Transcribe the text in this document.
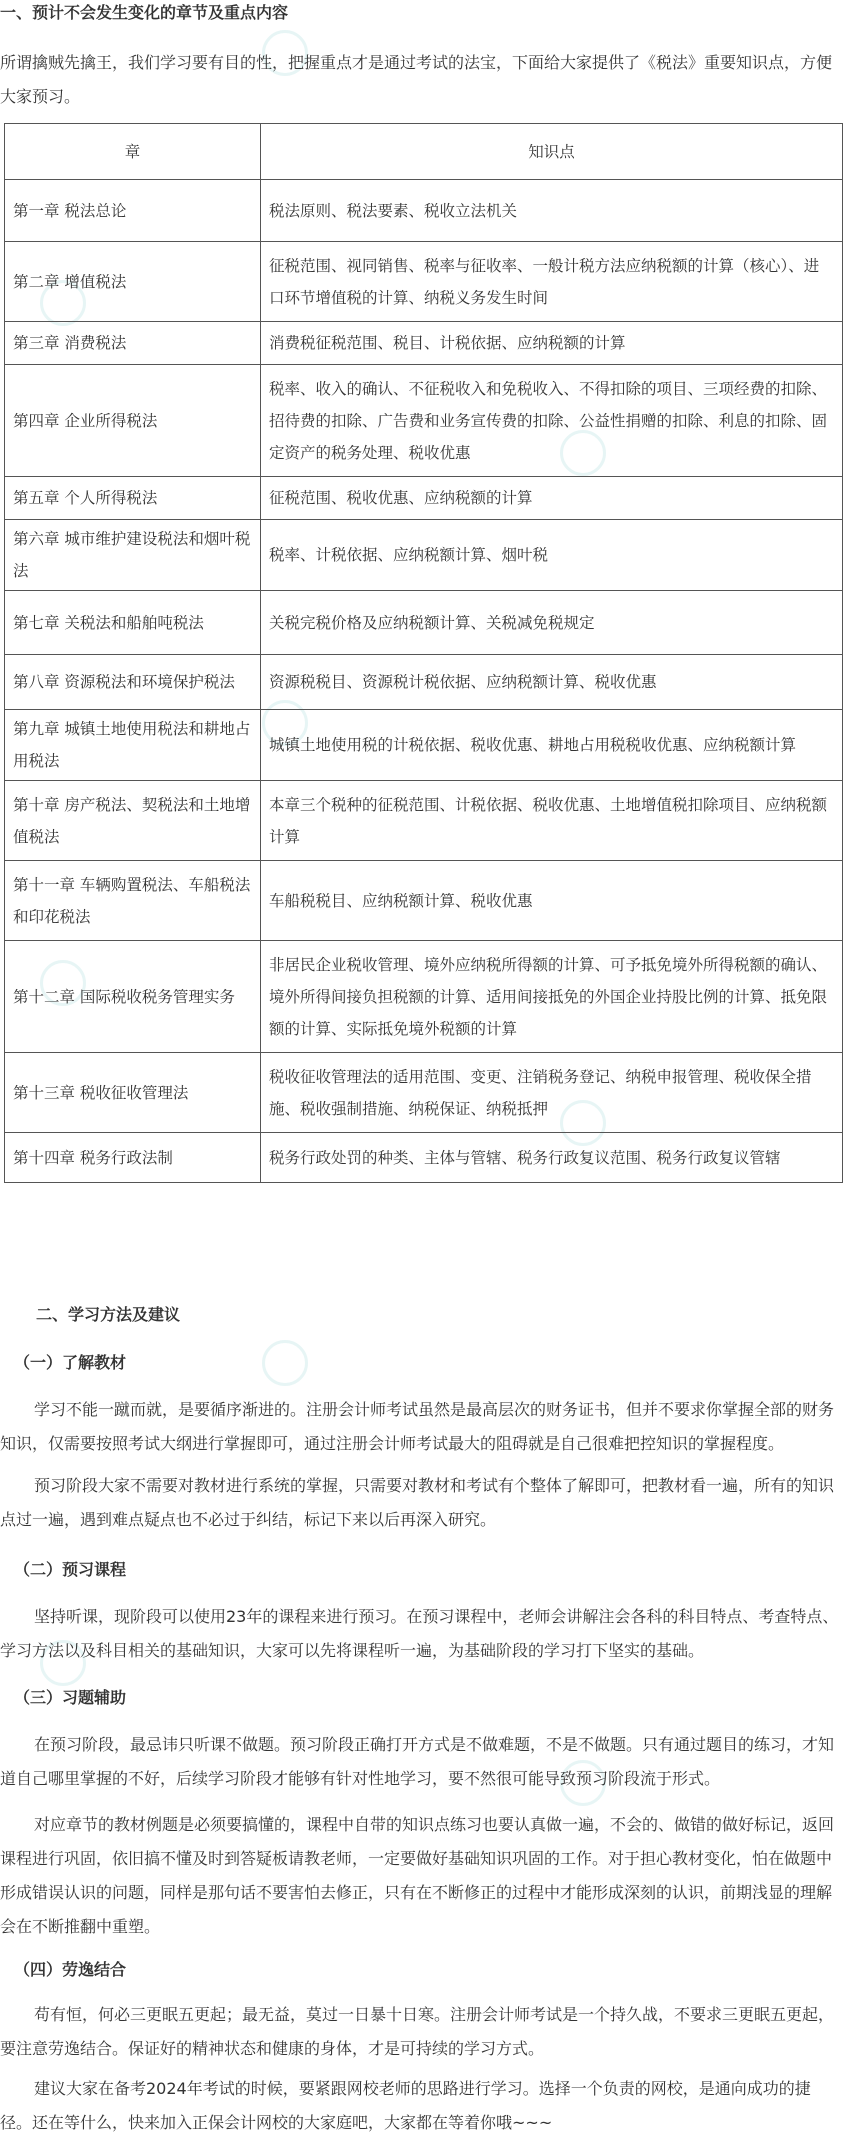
一、预计不会发生变化的章节及重点内容
所谓擒贼先擒王，我们学习要有目的性，把握重点才是通过考试的法宝，下面给大家提供了《税法》重要知识点，方便大家预习。
章	知识点
第一章 税法总论	税法原则、税法要素、税收立法机关
第二章 增值税法	征税范围、视同销售、税率与征收率、一般计税方法应纳税额的计算（核心）、进口环节增值税的计算、纳税义务发生时间
第三章 消费税法	消费税征税范围、税目、计税依据、应纳税额的计算
第四章 企业所得税法	税率、收入的确认、不征税收入和免税收入、不得扣除的项目、三项经费的扣除、招待费的扣除、广告费和业务宣传费的扣除、公益性捐赠的扣除、利息的扣除、固定资产的税务处理、税收优惠
第五章 个人所得税法	征税范围、税收优惠、应纳税额的计算
第六章 城市维护建设税法和烟叶税法	税率、计税依据、应纳税额计算、烟叶税
第七章 关税法和船舶吨税法	关税完税价格及应纳税额计算、关税减免税规定
第八章 资源税法和环境保护税法	资源税税目、资源税计税依据、应纳税额计算、税收优惠
第九章 城镇土地使用税法和耕地占用税法	城镇土地使用税的计税依据、税收优惠、耕地占用税税收优惠、应纳税额计算
第十章 房产税法、契税法和土地增值税法	本章三个税种的征税范围、计税依据、税收优惠、土地增值税扣除项目、应纳税额计算
第十一章 车辆购置税法、车船税法和印花税法	车船税税目、应纳税额计算、税收优惠
第十二章 国际税收税务管理实务	非居民企业税收管理、境外应纳税所得额的计算、可予抵免境外所得税额的确认、境外所得间接负担税额的计算、适用间接抵免的外国企业持股比例的计算、抵免限额的计算、实际抵免境外税额的计算
第十三章 税收征收管理法	税收征收管理法的适用范围、变更、注销税务登记、纳税申报管理、税收保全措施、税收强制措施、纳税保证、纳税抵押
第十四章 税务行政法制	税务行政处罚的种类、主体与管辖、税务行政复议范围、税务行政复议管辖
二、学习方法及建议
（一）了解教材
学习不能一蹴而就，是要循序渐进的。注册会计师考试虽然是最高层次的财务证书，但并不要求你掌握全部的财务知识，仅需要按照考试大纲进行掌握即可，通过注册会计师考试最大的阻碍就是自己很难把控知识的掌握程度。
预习阶段大家不需要对教材进行系统的掌握，只需要对教材和考试有个整体了解即可，把教材看一遍，所有的知识点过一遍，遇到难点疑点也不必过于纠结，标记下来以后再深入研究。
（二）预习课程
坚持听课，现阶段可以使用23年的课程来进行预习。在预习课程中，老师会讲解注会各科的科目特点、考查特点、学习方法以及科目相关的基础知识，大家可以先将课程听一遍，为基础阶段的学习打下坚实的基础。
（三）习题辅助
在预习阶段，最忌讳只听课不做题。预习阶段正确打开方式是不做难题，不是不做题。只有通过题目的练习，才知道自己哪里掌握的不好，后续学习阶段才能够有针对性地学习，要不然很可能导致预习阶段流于形式。
对应章节的教材例题是必须要搞懂的，课程中自带的知识点练习也要认真做一遍，不会的、做错的做好标记，返回课程进行巩固，依旧搞不懂及时到答疑板请教老师，一定要做好基础知识巩固的工作。对于担心教材变化，怕在做题中形成错误认识的问题，同样是那句话不要害怕去修正，只有在不断修正的过程中才能形成深刻的认识，前期浅显的理解会在不断推翻中重塑。
（四）劳逸结合
苟有恒，何必三更眠五更起；最无益，莫过一日暴十日寒。注册会计师考试是一个持久战，不要求三更眠五更起，要注意劳逸结合。保证好的精神状态和健康的身体，才是可持续的学习方式。
建议大家在备考2024年考试的时候，要紧跟网校老师的思路进行学习。选择一个负责的网校，是通向成功的捷径。还在等什么，快来加入正保会计网校的大家庭吧，大家都在等着你哦~~~
